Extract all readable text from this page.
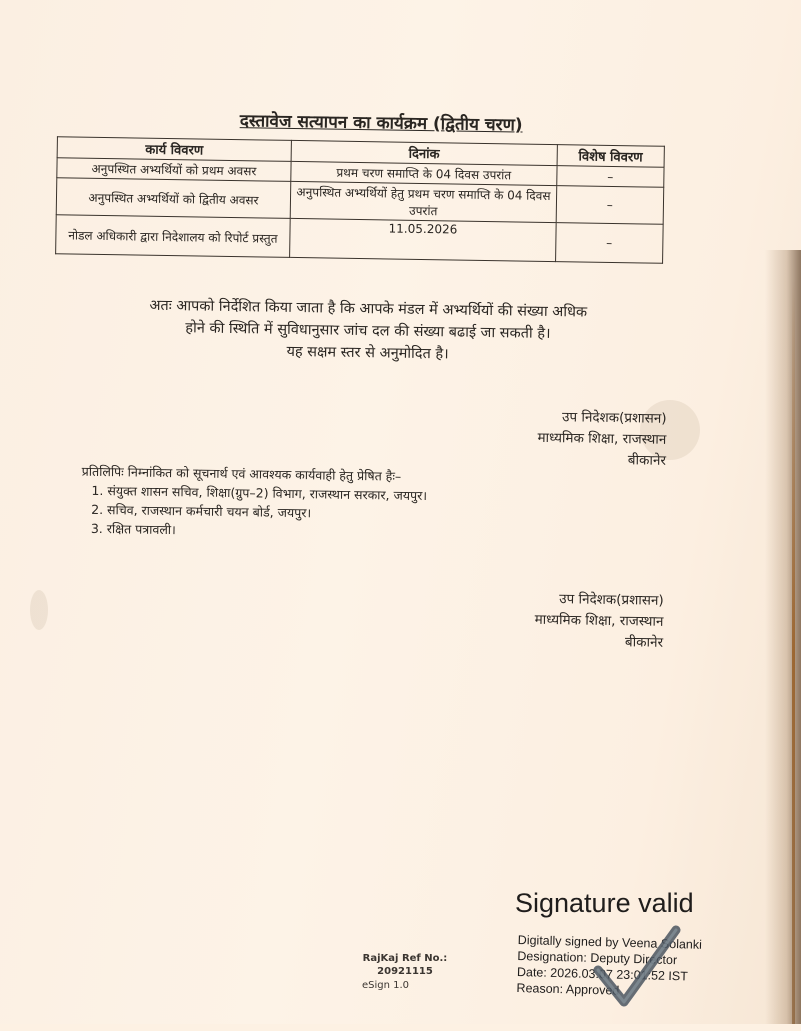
दस्तावेज सत्यापन का कार्यक्रम (द्वितीय चरण)
कार्य विवरण	दिनांक	विशेष विवरण
अनुपस्थित अभ्यर्थियों को प्रथम अवसर	प्रथम चरण समाप्ति के 04 दिवस उपरांत	–
अनुपस्थित अभ्यर्थियों को द्वितीय अवसर	अनुपस्थित अभ्यर्थियों हेतु प्रथम चरण समाप्ति के 04 दिवस उपरांत	–
नोडल अधिकारी द्वारा निदेशालय को रिपोर्ट प्रस्तुत	11.05.2026	–
अतः आपको निर्देशित किया जाता है कि आपके मंडल में अभ्यर्थियों की संख्या अधिक
होने की स्थिति में सुविधानुसार जांच दल की संख्या बढाई जा सकती है।
यह सक्षम स्तर से अनुमोदित है।
उप निदेशक(प्रशासन)
माध्यमिक शिक्षा, राजस्थान
बीकानेर
प्रतिलिपिः निम्नांकित को सूचनार्थ एवं आवश्यक कार्यवाही हेतु प्रेषित हैः–
1. संयुक्त शासन सचिव, शिक्षा(ग्रुप–2) विभाग, राजस्थान सरकार, जयपुर।
2. सचिव, राजस्थान कर्मचारी चयन बोर्ड, जयपुर।
3. रक्षित पत्रावली।
उप निदेशक(प्रशासन)
माध्यमिक शिक्षा, राजस्थान
बीकानेर
RajKaj Ref No.:
20921115
eSign 1.0
Signature valid
Digitally signed by Veena Solanki
Designation: Deputy Director
Date: 2026.03.07 23:01:52 IST
Reason: Approved
